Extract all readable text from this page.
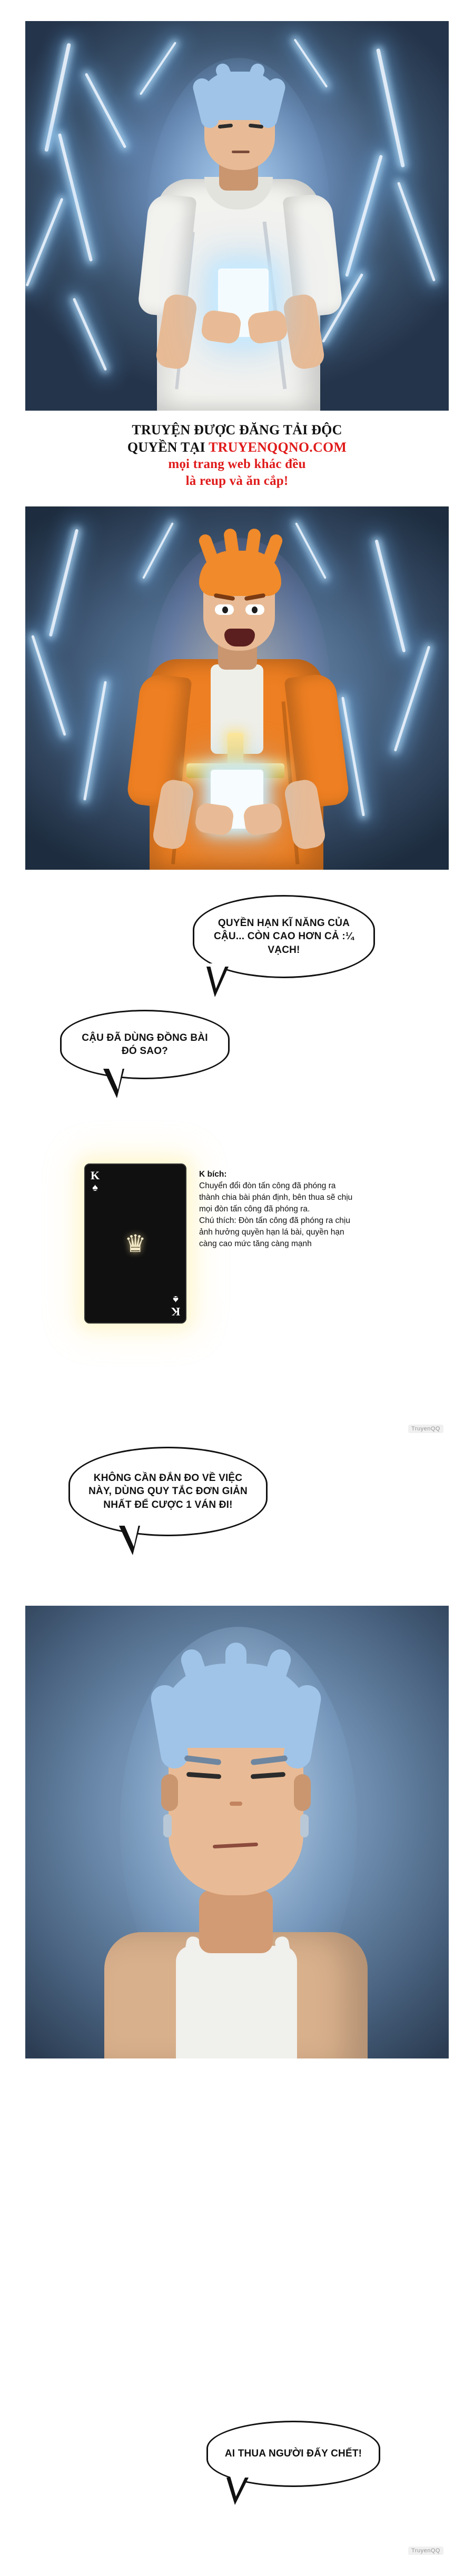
TRUYỆN ĐƯỢC ĐĂNG TẢI ĐỘC
QUYỀN TẠI TRUYENQQNO.COM
mọi trang web khác đều
là reup và ăn cắp!

QUYỀN HẠN KĨ NĂNG CỦA CẬU... CÒN CAO HƠN CẢ :¼ VẠCH!

CẬU ĐÃ DÙNG ĐỒNG BÀI ĐÓ SAO?

K
♠
♛
K
♠
K bích:
Chuyển đổi đòn tấn công đã phóng ra thành chia bài phán định, bên thua sẽ chịu mọi đòn tấn công đã phóng ra.
Chú thích: Đòn tấn công đã phóng ra chịu ảnh hưởng quyền hạn lá bài, quyền hạn càng cao mức tăng càng mạnh
TruyenQQ

KHÔNG CẦN ĐẮN ĐO VỀ VIỆC NÀY, DÙNG QUY TẮC ĐƠN GIẢN NHẤT ĐỂ CƯỢC 1 VÁN ĐI!

AI THUA NGƯỜI ĐẤY CHẾT!

TruyenQQ
